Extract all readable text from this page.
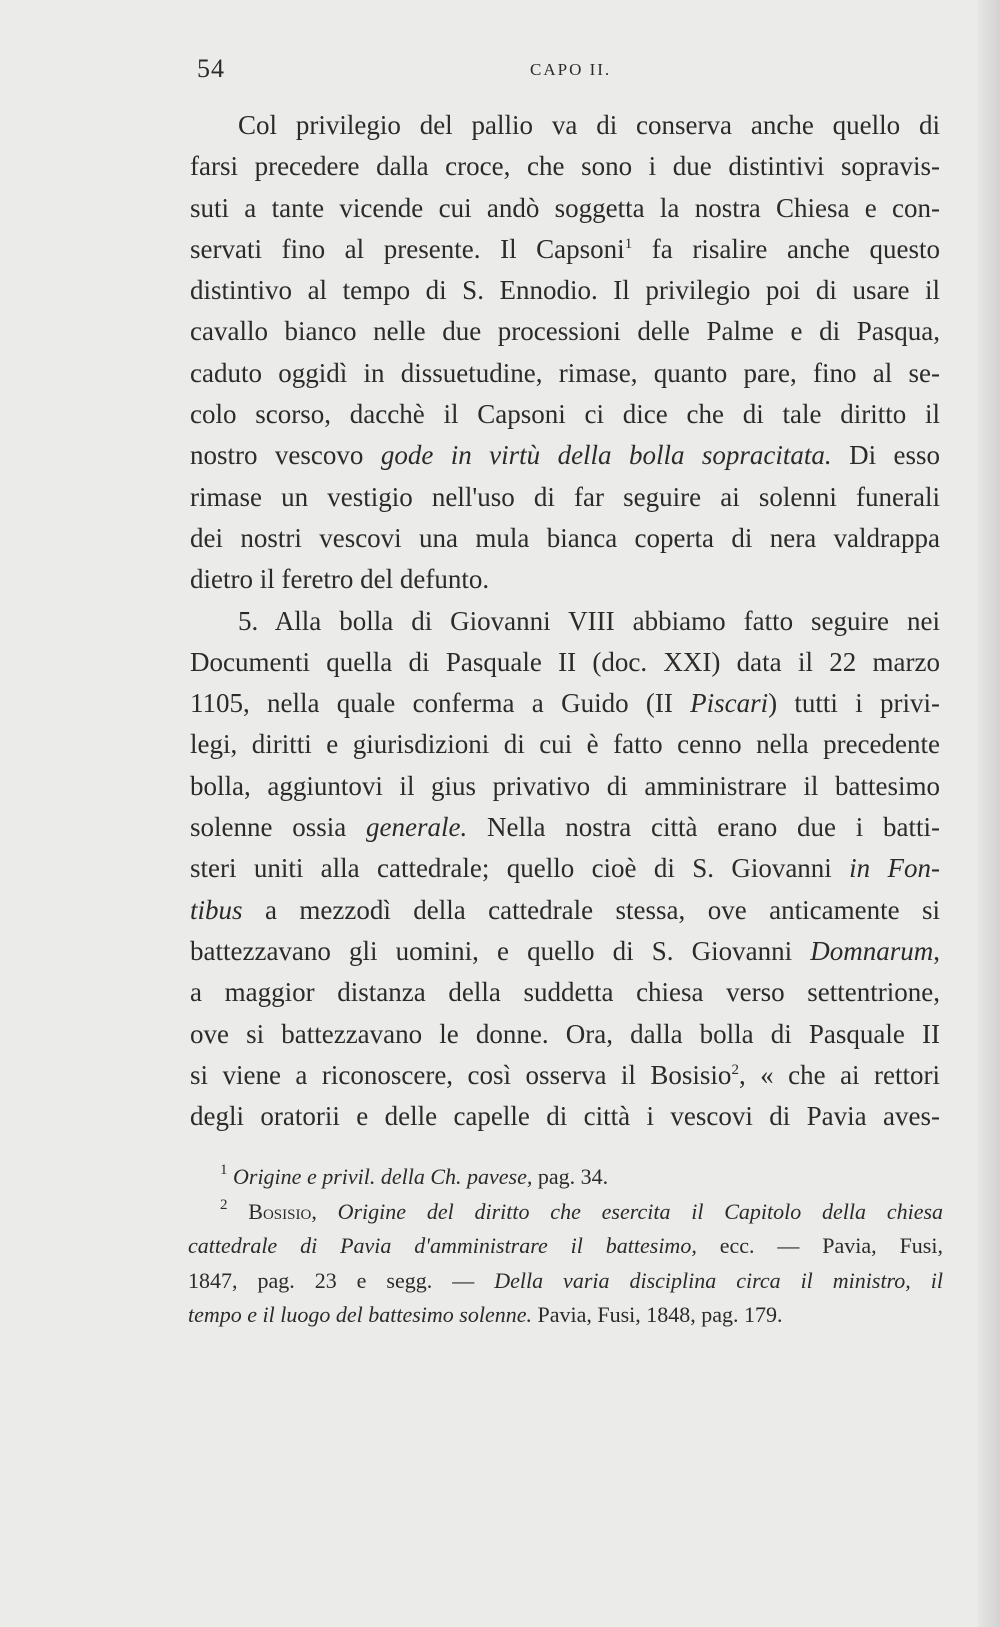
54	CAPO II.
Col privilegio del pallio va di conserva anche quello di
farsi precedere dalla croce, che sono i due distintivi sopravis-
suti a tante vicende cui andò soggetta la nostra Chiesa e con-
servati fino al presente. Il Capsoni$^1$ fa risalire anche questo
distintivo al tempo di S. Ennodio. Il privilegio poi di usare il
cavallo bianco nelle due processioni delle Palme e di Pasqua,
caduto oggidì in dissuetudine, rimase, quanto pare, fino al se-
colo scorso, dacchè il Capsoni ci dice che di tale diritto il
nostro vescovo gode in virtù della bolla sopracitata. Di esso
rimase un vestigio nell'uso di far seguire ai solenni funerali
dei nostri vescovi una mula bianca coperta di nera valdrappa
dietro il feretro del defunto.
5. Alla bolla di Giovanni VIII abbiamo fatto seguire nei
Documenti quella di Pasquale II (doc. XXI) data il 22 marzo
1105, nella quale conferma a Guido (II Piscari) tutti i privi-
legi, diritti e giurisdizioni di cui è fatto cenno nella precedente
bolla, aggiuntovi il gius privativo di amministrare il battesimo
solenne ossia generale. Nella nostra città erano due i batti-
steri uniti alla cattedrale; quello cioè di S. Giovanni in Fon-
tibus a mezzodì della cattedrale stessa, ove anticamente si
battezzavano gli uomini, e quello di S. Giovanni Domnarum,
a maggior distanza della suddetta chiesa verso settentrione,
ove si battezzavano le donne. Ora, dalla bolla di Pasquale II
si viene a riconoscere, così osserva il Bosisio$^2$, « che ai rettori
degli oratorii e delle capelle di città i vescovi di Pavia aves-
$^1$ Origine e privil. della Ch. pavese, pag. 34.
$^2$ Bosisio, Origine del diritto che esercita il Capitolo della chiesa
cattedrale di Pavia d'amministrare il battesimo, ecc. — Pavia, Fusi,
1847, pag. 23 e segg. — Della varia disciplina circa il ministro, il
tempo e il luogo del battesimo solenne. Pavia, Fusi, 1848, pag. 179.
